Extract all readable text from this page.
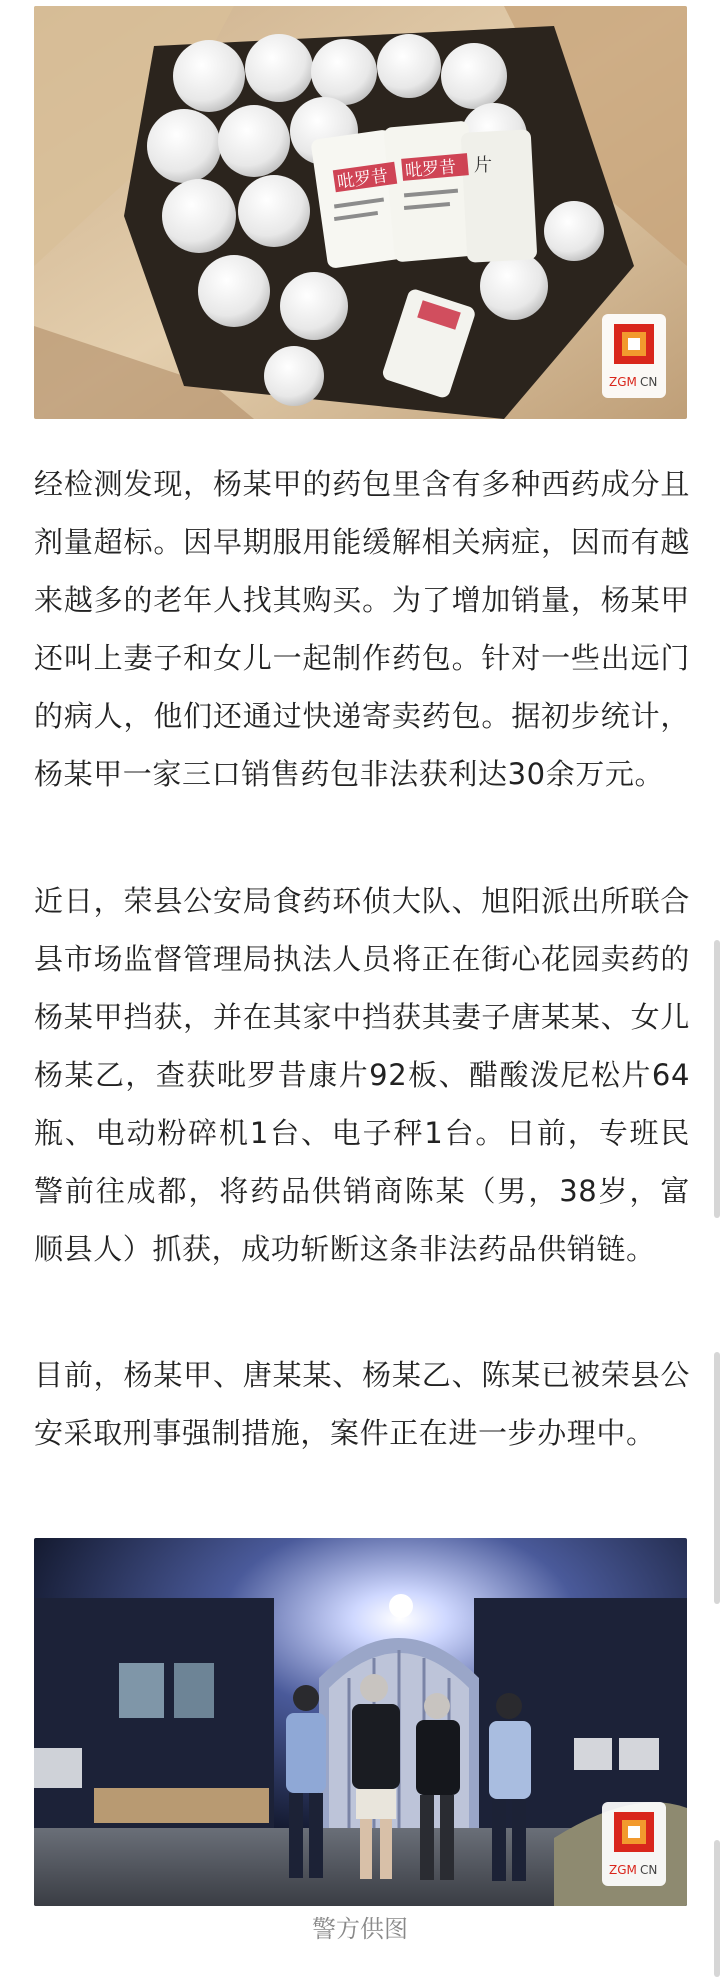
吡罗昔 吡罗昔 片
ZGM CN

经检测发现，杨某甲的药包里含有多种西药成分且剂量超标。因早期服用能缓解相关病症，因而有越来越多的老年人找其购买。为了增加销量，杨某甲还叫上妻子和女儿一起制作药包。针对一些出远门的病人，他们还通过快递寄卖药包。据初步统计，杨某甲一家三口销售药包非法获利达30余万元。

近日，荣县公安局食药环侦大队、旭阳派出所联合县市场监督管理局执法人员将正在街心花园卖药的杨某甲挡获，并在其家中挡获其妻子唐某某、女儿杨某乙，查获吡罗昔康片92板、醋酸泼尼松片64瓶、电动粉碎机1台、电子秤1台。日前，专班民警前往成都，将药品供销商陈某（男，38岁，富顺县人）抓获，成功斩断这条非法药品供销链。

目前，杨某甲、唐某某、杨某乙、陈某已被荣县公安采取刑事强制措施，案件正在进一步办理中。

ZGM CN
警方供图
